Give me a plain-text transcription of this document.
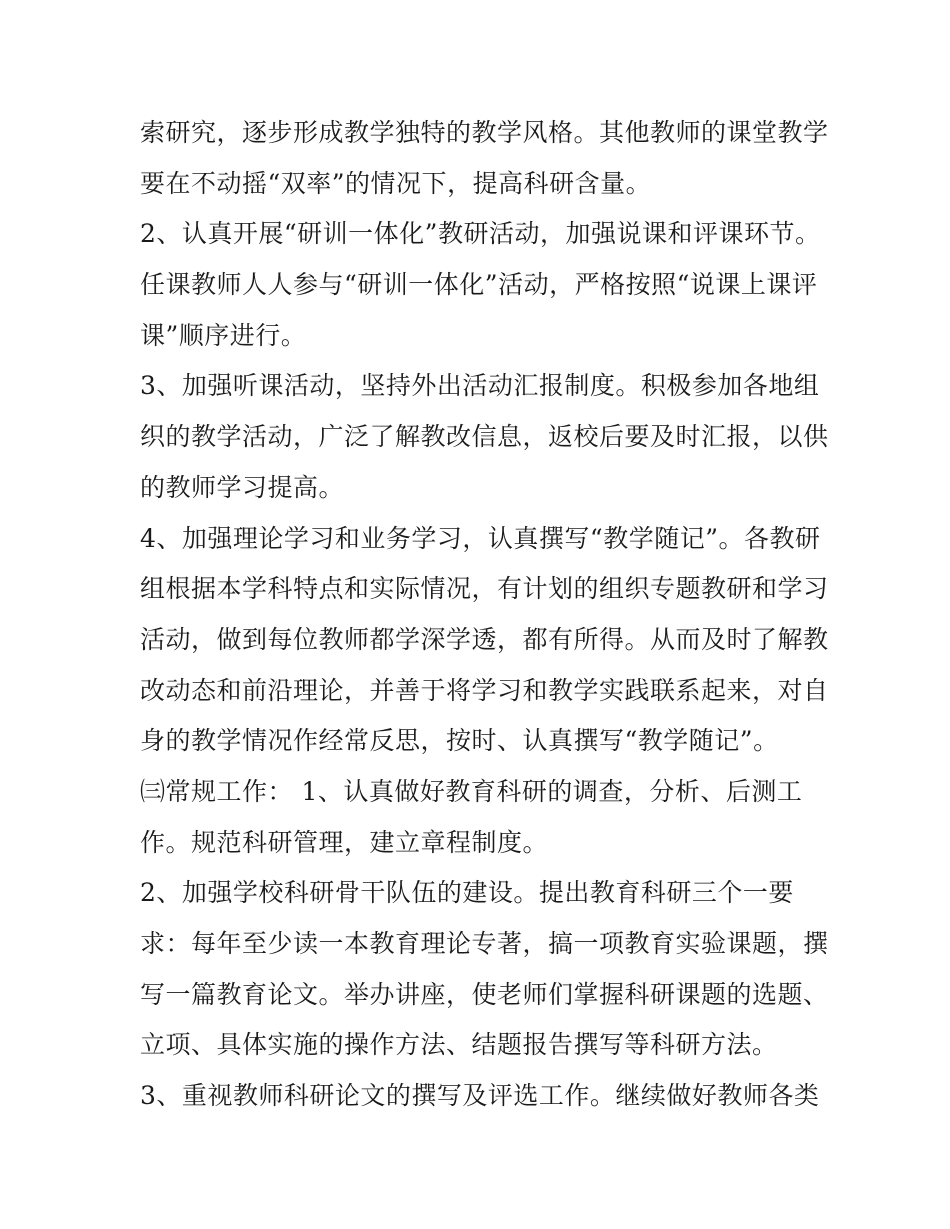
索研究，逐步形成教学独特的教学风格。其他教师的课堂教学
要在不动摇“双率”的情况下，提高科研含量。
2、认真开展“研训一体化”教研活动，加强说课和评课环节。
任课教师人人参与“研训一体化”活动，严格按照“说课上课评
课”顺序进行。
3、加强听课活动，坚持外出活动汇报制度。积极参加各地组
织的教学活动，广泛了解教改信息，返校后要及时汇报，以供
的教师学习提高。
4、加强理论学习和业务学习，认真撰写“教学随记”。各教研
组根据本学科特点和实际情况，有计划的组织专题教研和学习
活动，做到每位教师都学深学透，都有所得。从而及时了解教
改动态和前沿理论，并善于将学习和教学实践联系起来，对自
身的教学情况作经常反思，按时、认真撰写“教学随记”。
㈢常规工作： 1、认真做好教育科研的调查，分析、后测工
作。规范科研管理，建立章程制度。
2、加强学校科研骨干队伍的建设。提出教育科研三个一要
求：每年至少读一本教育理论专著，搞一项教育实验课题，撰
写一篇教育论文。举办讲座，使老师们掌握科研课题的选题、
立项、具体实施的操作方法、结题报告撰写等科研方法。
3、重视教师科研论文的撰写及评选工作。继续做好教师各类
